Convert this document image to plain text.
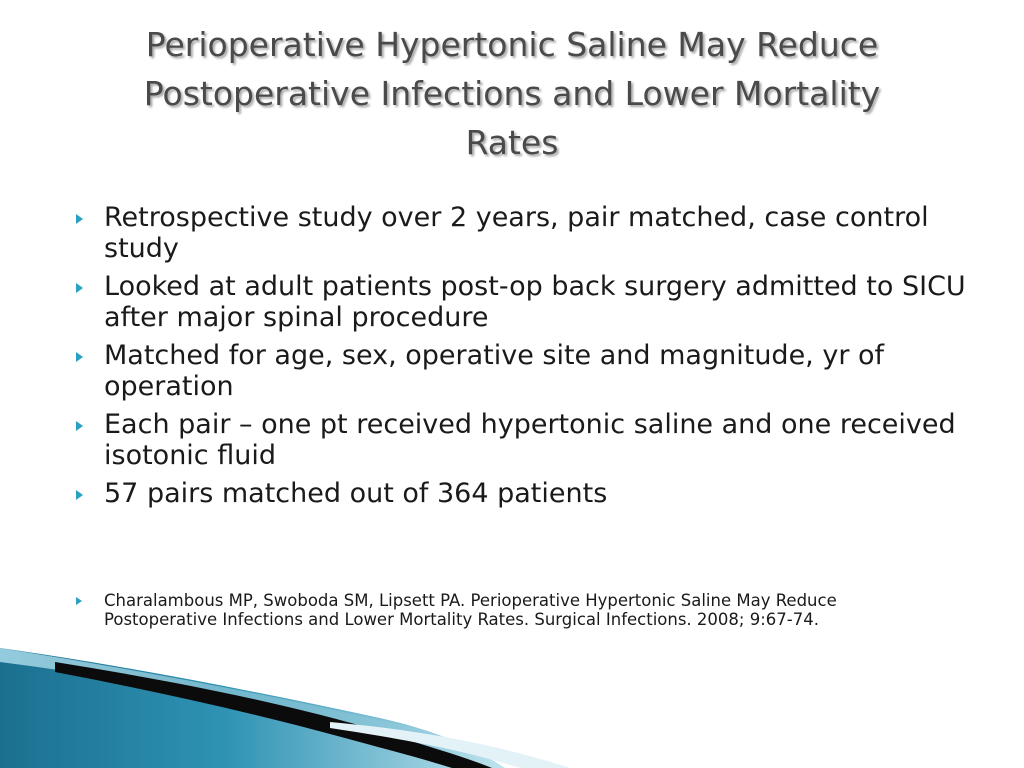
Perioperative Hypertonic Saline May Reduce
Postoperative Infections and Lower Mortality
Rates
Retrospective study over 2 years, pair matched, case control study
Looked at adult patients post-op back surgery admitted to SICU after major spinal procedure
Matched for age, sex, operative site and magnitude, yr of operation
Each pair – one pt received hypertonic saline and one received isotonic fluid
57 pairs matched out of 364 patients
Charalambous MP, Swoboda SM, Lipsett PA. Perioperative Hypertonic Saline May Reduce Postoperative Infections and Lower Mortality Rates. Surgical Infections. 2008; 9:67-74.
